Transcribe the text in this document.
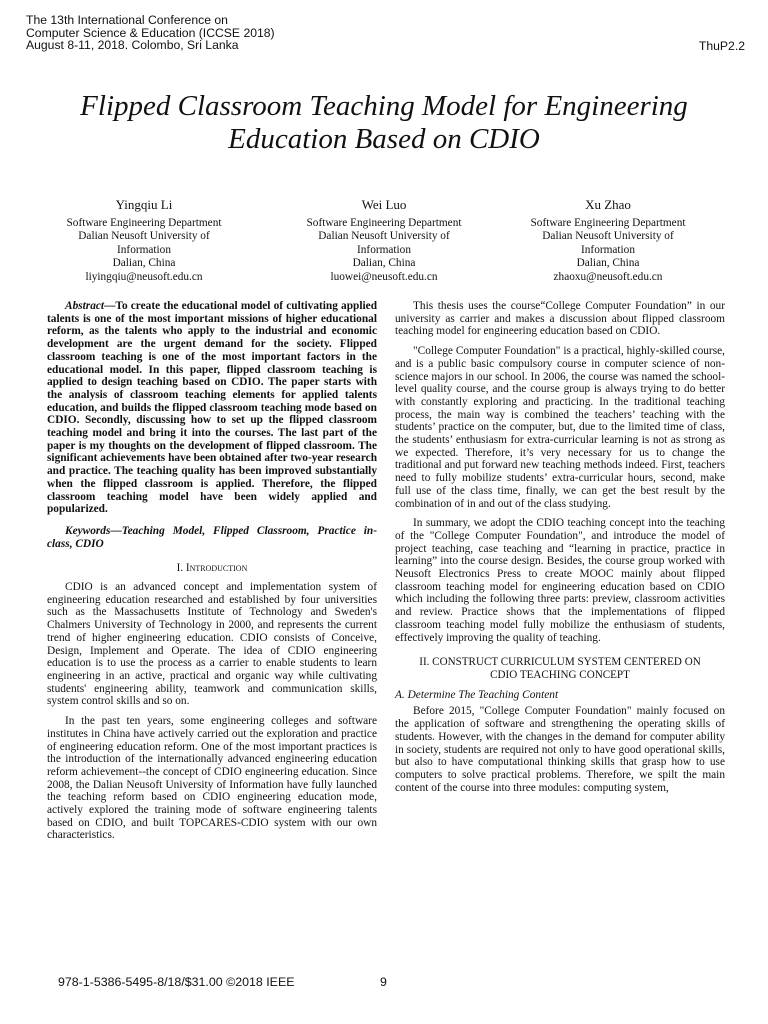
The 13th International Conference on
Computer Science & Education (ICCSE 2018)
August 8-11, 2018. Colombo, Sri Lanka	ThuP2.2
Flipped Classroom Teaching Model for Engineering
Education Based on CDIO
Yingqiu Li
Software Engineering Department
Dalian Neusoft University of
Information
Dalian, China
liyingqiu@neusoft.edu.cn
Wei Luo
Software Engineering Department
Dalian Neusoft University of
Information
Dalian, China
luowei@neusoft.edu.cn
Xu Zhao
Software Engineering Department
Dalian Neusoft University of
Information
Dalian, China
zhaoxu@neusoft.edu.cn

Abstract—To create the educational model of cultivating applied talents is one of the most important missions of higher educational reform, as the talents who apply to the industrial and economic development are the urgent demand for the society. Flipped classroom teaching is one of the most important factors in the educational model. In this paper, flipped classroom teaching is applied to design teaching based on CDIO. The paper starts with the analysis of classroom teaching elements for applied talents education, and builds the flipped classroom teaching mode based on CDIO. Secondly, discussing how to set up the flipped classroom teaching model and bring it into the courses. The last part of the paper is my thoughts on the development of flipped classroom. The significant achievements have been obtained after two-year research and practice. The teaching quality has been improved substantially when the flipped classroom is applied. Therefore, the flipped classroom teaching model have been widely applied and popularized.

Keywords—Teaching Model, Flipped Classroom, Practice in-class, CDIO

I. Introduction

CDIO is an advanced concept and implementation system of engineering education researched and established by four universities such as the Massachusetts Institute of Technology and Sweden's Chalmers University of Technology in 2000, and represents the current trend of higher engineering education. CDIO consists of Conceive, Design, Implement and Operate. The idea of CDIO engineering education is to use the process as a carrier to enable students to learn engineering in an active, practical and organic way while cultivating students' engineering ability, teamwork and communication skills, system control skills and so on.

In the past ten years, some engineering colleges and software institutes in China have actively carried out the exploration and practice of engineering education reform. One of the most important practices is the introduction of the internationally advanced engineering education reform achievement--the concept of CDIO engineering education. Since 2008, the Dalian Neusoft University of Information have fully launched the teaching reform based on CDIO engineering education mode, actively explored the training mode of software engineering talents based on CDIO, and built TOPCARES-CDIO system with our own characteristics.

This thesis uses the course“College Computer Foundation” in our university as carrier and makes a discussion about flipped classroom teaching model for engineering education based on CDIO.

"College Computer Foundation" is a practical, highly-skilled course, and is a public basic compulsory course in computer science of non-science majors in our school. In 2006, the course was named the school-level quality course, and the course group is always trying to do better with constantly exploring and practicing. In the traditional teaching process, the main way is combined the teachers’ teaching with the students’ practice on the computer, but, due to the limited time of class, the students’ enthusiasm for extra-curricular learning is not as strong as we expected. Therefore, it’s very necessary for us to change the traditional and put forward new teaching methods indeed. First, teachers need to fully mobilize students’ extra-curricular hours, second, make full use of the class time, finally, we can get the best result by the combination of in and out of the class studying.

In summary, we adopt the CDIO teaching concept into the teaching of the "College Computer Foundation", and introduce the model of project teaching, case teaching and “learning in practice, practice in learning” into the course design. Besides, the course group worked with Neusoft Electronics Press to create MOOC mainly about flipped classroom teaching model for engineering education based on CDIO which including the following three parts: preview, classroom activities and review. Practice shows that the implementations of flipped classroom teaching model fully mobilize the enthusiasm of students, effectively improving the quality of teaching.

II. CONSTRUCT CURRICULUM SYSTEM CENTERED ON
CDIO TEACHING CONCEPT
A. Determine The Teaching Content

Before 2015, "College Computer Foundation" mainly focused on the application of software and strengthening the operating skills of students. However, with the changes in the demand for computer ability in society, students are required not only to have good operational skills, but also to have computational thinking skills that grasp how to use computers to solve practical problems. Therefore, we spilt the main content of the course into three modules: computing system,

978-1-5386-5495-8/18/$31.00 ©2018 IEEE	9
